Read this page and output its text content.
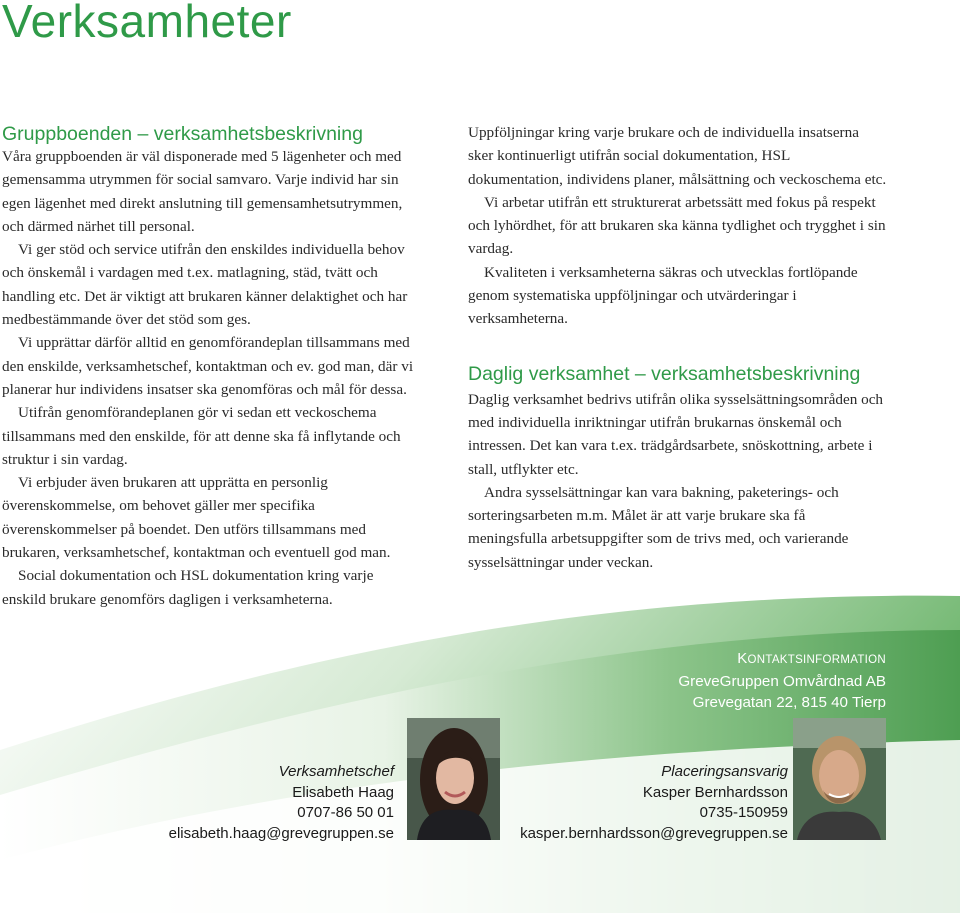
Verksamheter
Gruppboenden – verksamhetsbeskrivning

Våra gruppboenden är väl disponerade med 5 lägenheter och med gemensamma utrymmen för social samvaro. Varje individ har sin egen lägenhet med direkt anslutning till gemensamhetsutrymmen, och därmed närhet till personal.

Vi ger stöd och service utifrån den enskildes individuella behov och önskemål i vardagen med t.ex. matlagning, städ, tvätt och handling etc. Det är viktigt att brukaren känner delaktighet och har medbestämmande över det stöd som ges.

Vi upprättar därför alltid en genomförandeplan tillsammans med den enskilde, verksamhetschef, kontaktman och ev. god man, där vi planerar hur individens insatser ska genomföras och mål för dessa.

Utifrån genomförandeplanen gör vi sedan ett veckoschema tillsammans med den enskilde, för att denne ska få inflytande och struktur i sin vardag.

Vi erbjuder även brukaren att upprätta en personlig överenskommelse, om behovet gäller mer specifika överenskommelser på boendet. Den utförs tillsammans med brukaren, verksamhetschef, kontaktman och eventuell god man.

Social dokumentation och HSL dokumentation kring varje enskild brukare genomförs dagligen i verksamheterna.

Uppföljningar kring varje brukare och de individuella insatserna sker kontinuerligt utifrån social dokumentation, HSL dokumentation, individens planer, målsättning och veckoschema etc.

Vi arbetar utifrån ett strukturerat arbetssätt med fokus på respekt och lyhördhet, för att brukaren ska känna tydlighet och trygghet i sin vardag.

Kvaliteten i verksamheterna säkras och utvecklas fortlöpande genom systematiska uppföljningar och utvärderingar i verksamheterna.

Daglig verksamhet – verksamhetsbeskrivning

Daglig verksamhet bedrivs utifrån olika sysselsättningsområden och med individuella inriktningar utifrån brukarnas önskemål och intressen. Det kan vara t.ex. trädgårdsarbete, snöskottning, arbete i stall, utflykter etc.

Andra sysselsättningar kan vara bakning, paketerings- och sorteringsarbeten m.m. Målet är att varje brukare ska få meningsfulla arbetsuppgifter som de trivs med, och varierande sysselsättningar under veckan.

KONTAKTSINFORMATION
GreveGruppen Omvårdnad AB
Grevegatan 22, 815 40 Tierp
Verksamhetschef
Elisabeth Haag
0707-86 50 01
elisabeth.haag@grevegruppen.se
Placeringsansvarig
Kasper Bernhardsson
0735-150959
kasper.bernhardsson@grevegruppen.se
